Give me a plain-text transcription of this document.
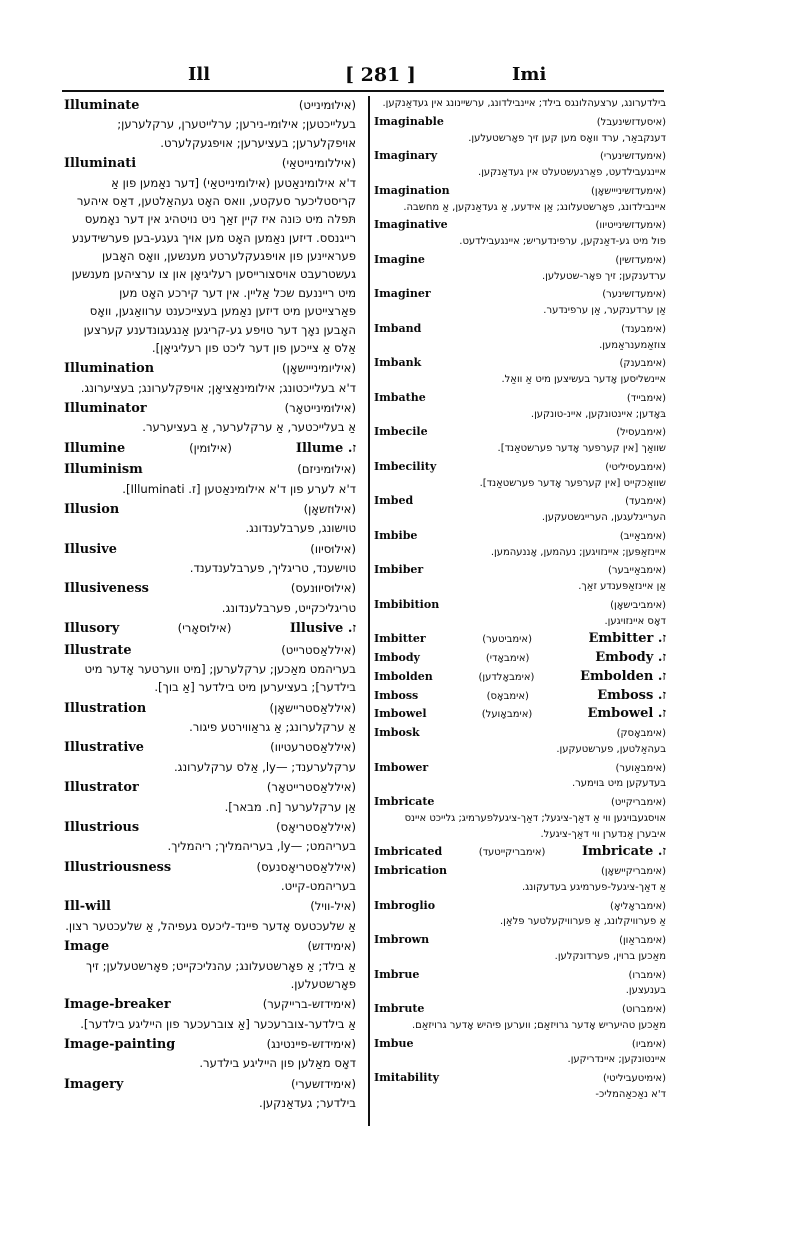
Ill	[ 281 ]	Imi
Illuminate	(אילוּמינייט)
בעלייכטען; אילוּמי-נירען; ערלייטערן, ערקלערען; אויפקלערען; בעציערען; אויפגעקלערט.
Illuminati	(איללומינייטאַי)
ד'א אילומינאַטען (אילומינייטאַי) [דער נאַמען פון אַ קריסטליכער סעקטע, וואס האָט געהאַלטען, דאַס איהער תּפלה מיט כּונה איז קיין זאַך ניט נויטהיג אין דער נאָמעס רייגנסס. דיזען נאַמען האָט מען אויך געגע-בען פערשידענע פעראיינען פון אויפגעקלערטע מענשען, וואָס האָבען געשטרעבט אויסצורייסען רעליגיאָן און צו ערציהען מענשען מיט רייננעם שכל אַליין. אין דער קירכע האָט מען פאַרצייטען מיט דיזען נאַמען בעצייכענט ערוואַגען, וואָס האָבען נאָך דער טויפע גע-קריגען אַנגעגונדענע קערצען אַלס אַ צייכען פון דער ליכט פון רעליגיאָן].
Illumination	(איליומינייישאָן)
ד'א בעלייכטונג; אילומינאַציאָן; אויפקלערונג; בעציערונג.
Illuminator	(אילוּמינייטאָר)
אַ בעלייכטער, אַ ערקלערער, אַ בעציערער.
Illumine	(אילוּמין)	Illume .ז
Illuminism	(אילוּמיניזם)
ד'א לערע פון ד'א אילומינאַטען [ז. Illuminati].
Illusion	(אילוּזשאָן)
טוישונג, פערבלענדונג.
Illusive	(אילוּסיוו)
טוישענד, טריגליך, פערבלענדענד.
Illusiveness	(אילוּסיווּנעס)
טריגליכקייט, פערבלענדונג.
Illusory	(אילוּסאָרי)	Illusive .ז
Illustrate	(איללאַסטרייט)
בעריהמט מאַכען; ערקלערען; [מיט ווערטער אָדער מיט בילדער]; בעציערען מיט בילדער [אַ בוך].
Illustration	(איללאַסטריישאָן)
אַ ערקלערונג; אַ גראַווירטע פיגור.
Illustrative	(איללאַסטרעטיוו)
ערקלערענד; —ly, אַלס ערקלערונג.
Illustrator	(איללאַסטרייטאָר)
אַן ערקלערער [ח. מבאר].
Illustrious	(איללאַסטריאָס)
בעריהמט; —ly, בעריהמליך; ריהמליך.
Illustriousness	(איללאַסטריאָסנעס)
בעריהמט-קייט.
Ill-will	(איל-וויל)
אַ שלעכטעס אָדער פיינד-ליכעס געפיהל, אַ שלעכטער רצון.
Image	(אימידזש)
אַ בילד; אַ פאָרשטעלונג; עהנליכקייט; פאָרשטעלען; זיך פאָרשטעלען.
Image-breaker	(אימידזש-ברייקער)
אַ בילדער-צוברעכער [אַ צוברעכער פון הייליגע בילדער].
Image-painting	(אימידזש-פיינטינג)
דאָס מאַלען פון הייליגע בילדער.
Imagery	(אימידזשערי)
בילדער; געדאַנקען.
בילדערונג, ערצעהלונגס בילד; איינבילדונג, ערשיינונג אין געדאַנקען.
Imaginable	(איסעדזשינעבל)
דענקבאַר, ערד וואָס מען קען זיך פאָרשטעלען.
Imaginary	(אימעדזשינערי)
איינגעבילדעט, פאַרגעשטעלט אין געדאַנקען.
Imagination	(אימעדזשינייישאָן)
איינבילדונג, פאָרשטעלונג; אַן אידעע, אַ געדאַנקען, אַ מחשבה.
Imaginative	(אימעדזשינייטיוו)
פול מיט גע-דאַנקען, ערפינדעריש; איינגעבילדעט.
Imagine	(אימעדזשין)
ערדענקען; זיך פאָר-שטעלען.
Imaginer	(אימעדזשינער)
אַן ערדענקער, אַן ערפינדער.
Imband	(אימבענד)
צוזאַמענראַמען.
Imbank	(אימבענק)
איינשליסען אָדער בעשיצען מיט אַ וואַל.
Imbathe	(אימבייד)
בּאָדען; איינטונקען, איינ-טונקען.
Imbecile	(אימבעסיל)
שוואַך [אין קערפער אָדער פערשטאַנד].
Imbecility	(אימבעסיליטי)
שוואַכקייט [אין קערפער אָדער פערשטאַנד].
Imbed	(אימבעד)
הערייגלעגען, הערייגשטעקען.
Imbibe	(אימבאַייב)
איינזאַפּען; איינזויגען; נעהמען, אָננעהמען.
Imbiber	(אימבאַייבער)
אַן איינזאַפּענדע זאַך.
Imbibition	(אימביבישאָן)
דאָס איינזויגען.
Imbitter	(אימביטער)	Embitter .ז
Imbody	(אימבאָדי)	Embody .ז
Imbolden	(אימבאָלדען)	Embolden .ז
Imboss	(אימבאָס)	Emboss .ז
Imbowel	(אימבאָועל)	Embowel .ז
Imbosk	(אימבאָסק)
בעהאַלטען, פערשטעקען.
Imbower	(אימבאַוער)
בעדעקען מיט בּוימער.
Imbricate	(אימבריקייט)
אויסגעבויגען ווי אַ דאַך-ציגעל; דאַך-ציגעלפערמיג; גלייכט איינס איבערן אַנדערן ווי דאַך-ציגעל.
Imbricated	(אימבריקייטעד)	Imbricate .ז
Imbrication	(אימבריקיישאָן)
אַ דאַך-ציגעל-פערמיגע בעדעקונג.
Imbroglio	(אימבראָליאָ)
אַ פערוויקלונג, אַ פערוויקעלטער פּלאַן.
Imbrown	(אימבראַון)
מאַכען ברוין, פערדונקלען.
Imbrue	(אימברו)
בענעצען.
Imbrute	(אימברוט)
מאַכען טהיעריש אָדער גרויזאַם; ווערען פיהיש אָדער גרויזאַם.
Imbue	(אימביו)
איינטונקען; איינדריקען.
Imitability	(אימיטעביליטי)
ד'א נאַכאַהמליכ-
